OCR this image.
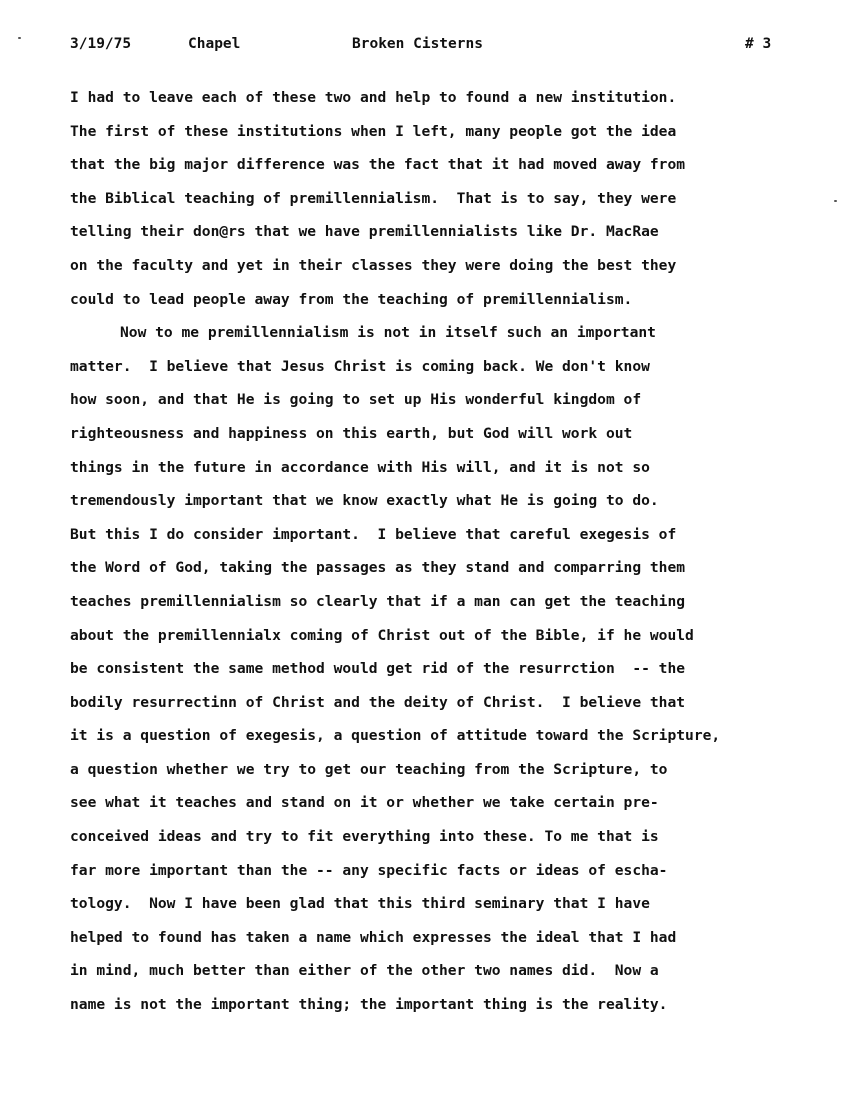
3/19/75	Chapel	Broken Cisterns	# 3
I had to leave each of these two and help to found a new institution.
The first of these institutions when I left, many people got the idea
that the big major difference was the fact that it had moved away from
the Biblical teaching of premillennialism.  That is to say, they were
telling their don@rs that we have premillennialists like Dr. MacRae
on the faculty and yet in their classes they were doing the best they
could to lead people away from the teaching of premillennialism.
Now to me premillennialism is not in itself such an important
matter.  I believe that Jesus Christ is coming back. We don't know
how soon, and that He is going to set up His wonderful kingdom of
righteousness and happiness on this earth, but God will work out
things in the future in accordance with His will, and it is not so
tremendously important that we know exactly what He is going to do.
But this I do consider important.  I believe that careful exegesis of
the Word of God, taking the passages as they stand and comparring them
teaches premillennialism so clearly that if a man can get the teaching
about the premillennialx coming of Christ out of the Bible, if he would
be consistent the same method would get rid of the resurrction  -- the
bodily resurrectinn of Christ and the deity of Christ.  I believe that
it is a question of exegesis, a question of attitude toward the Scripture,
a question whether we try to get our teaching from the Scripture, to
see what it teaches and stand on it or whether we take certain pre-
conceived ideas and try to fit everything into these. To me that is
far more important than the -- any specific facts or ideas of escha-
tology.  Now I have been glad that this third seminary that I have
helped to found has taken a name which expresses the ideal that I had
in mind, much better than either of the other two names did.  Now a
name is not the important thing; the important thing is the reality.
